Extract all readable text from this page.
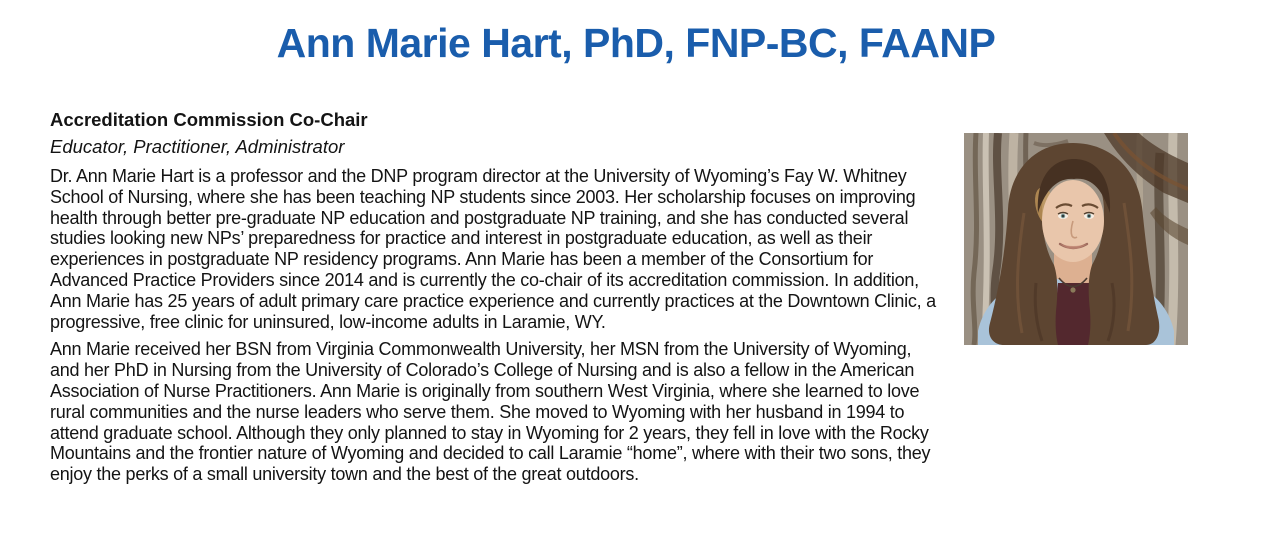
Ann Marie Hart, PhD, FNP-BC, FAANP
Accreditation Commission Co-Chair
Educator, Practitioner, Administrator

Dr. Ann Marie Hart is a professor and the DNP program director at the University of Wyoming’s Fay W. Whitney School of Nursing, where she has been teaching NP students since 2003. Her scholarship focuses on improving health through better pre-graduate NP education and postgraduate NP training, and she has conducted several studies looking new NPs’ preparedness for practice and interest in postgraduate education, as well as their experiences in postgraduate NP residency programs. Ann Marie has been a member of the Consortium for Advanced Practice Providers since 2014 and is currently the co-chair of its accreditation commission. In addition, Ann Marie has 25 years of adult primary care practice experience and currently practices at the Downtown Clinic, a progressive, free clinic for uninsured, low-income adults in Laramie, WY.

Ann Marie received her BSN from Virginia Commonwealth University, her MSN from the University of Wyoming, and her PhD in Nursing from the University of Colorado’s College of Nursing and is also a fellow in the American Association of Nurse Practitioners. Ann Marie is originally from southern West Virginia, where she learned to love rural communities and the nurse leaders who serve them. She moved to Wyoming with her husband in 1994 to attend graduate school. Although they only planned to stay in Wyoming for 2 years, they fell in love with the Rocky Mountains and the frontier nature of Wyoming and decided to call Laramie “home”, where with their two sons, they enjoy the perks of a small university town and the best of the great outdoors.
